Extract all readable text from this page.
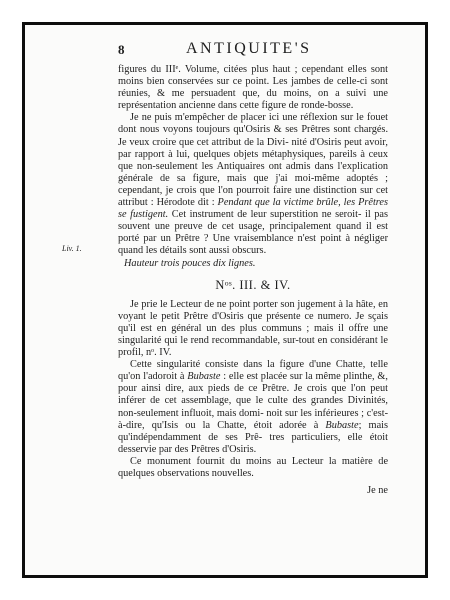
8	ANTIQUITE'S
Liv. 1.

figures du IIIᵉ. Volume, citées plus haut ; cependant elles sont moins bien conservées sur ce point. Les jambes de celle-ci sont réunies, & me persuadent que, du moins, on a suivi une représentation ancienne dans cette figure de ronde-bosse.

Je ne puis m'empêcher de placer ici une réflexion sur le fouet dont nous voyons toujours qu'Osiris & ses Prêtres sont chargés. Je veux croire que cet attribut de la Divi- nité d'Osiris peut avoir, par rapport à lui, quelques objets métaphysiques, pareils à ceux que non-seulement les Antiquaires ont admis dans l'explication générale de sa figure, mais que j'ai moi-même adoptés ; cependant, je crois que l'on pourroit faire une distinction sur cet attribut : Hérodote dit : Pendant que la victime brûle, les Prêtres se fustigent. Cet instrument de leur superstition ne seroit- il pas souvent une preuve de cet usage, principalement quand il est porté par un Prêtre ? Une vraisemblance n'est point à négliger quand les détails sont aussi obscurs.

Hauteur trois pouces dix lignes.

Nᵒˢ. III. & IV.

Je prie le Lecteur de ne point porter son jugement à la hâte, en voyant le petit Prêtre d'Osiris que présente ce numero. Je sçais qu'il est en général un des plus communs ; mais il offre une singularité qui le rend recommandable, sur-tout en considérant le profil, nᵒ. IV.

Cette singularité consiste dans la figure d'une Chatte, telle qu'on l'adoroit à Bubaste : elle est placée sur la même plinthe, &, pour ainsi dire, aux pieds de ce Prêtre. Je crois que l'on peut inférer de cet assemblage, que le culte des grandes Divinités, non-seulement influoit, mais domi- noit sur les inférieures ; c'est-à-dire, qu'Isis ou la Chatte, étoit adorée à Bubaste; mais qu'indépendamment de ses Prê- tres particuliers, elle étoit desservie par des Prêtres d'Osiris.

Ce monument fournit du moins au Lecteur la matière de quelques observations nouvelles.

Je ne
